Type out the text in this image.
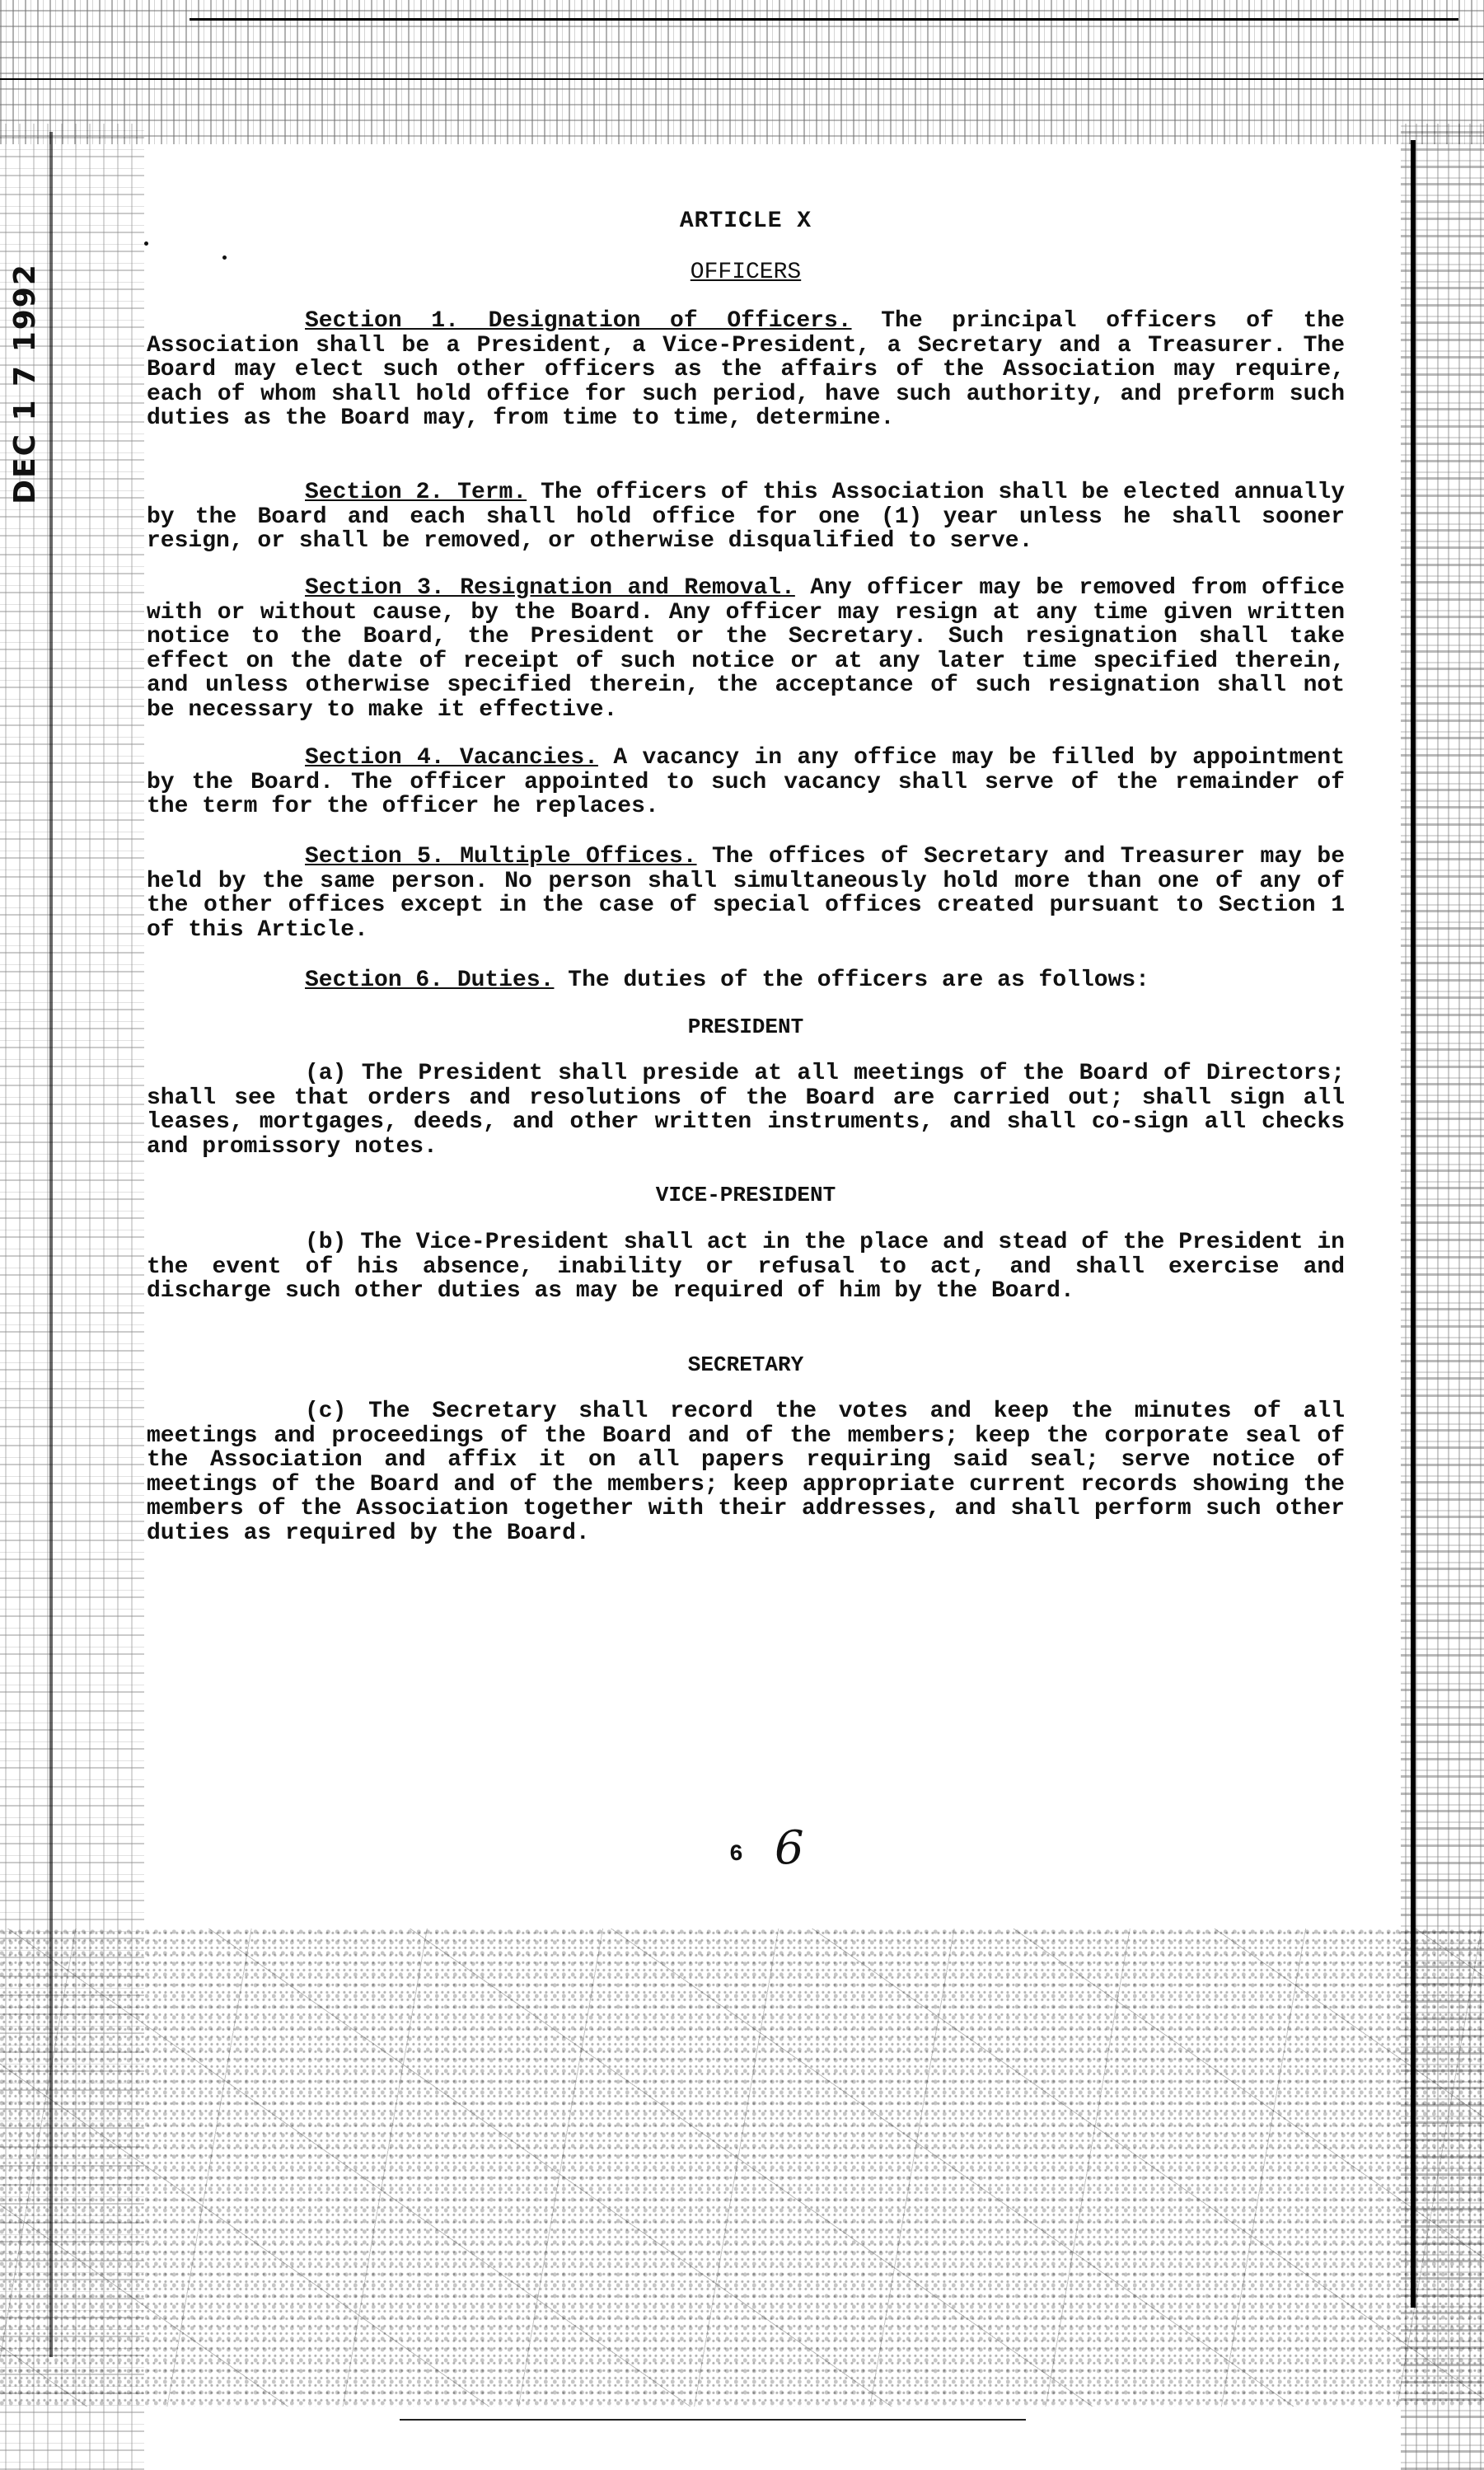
DEC 1 7 1992
ARTICLE X
OFFICERS
Section 1. Designation of Officers. The principal officers of the Association shall be a President, a Vice-President, a Secretary and a Treasurer. The Board may elect such other officers as the affairs of the Association may require, each of whom shall hold office for such period, have such authority, and preform such duties as the Board may, from time to time, determine.
Section 2. Term. The officers of this Association shall be elected annually by the Board and each shall hold office for one (1) year unless he shall sooner resign, or shall be removed, or otherwise disqualified to serve.
Section 3. Resignation and Removal. Any officer may be removed from office with or without cause, by the Board. Any officer may resign at any time given written notice to the Board, the President or the Secretary. Such resignation shall take effect on the date of receipt of such notice or at any later time specified therein, and unless otherwise specified therein, the acceptance of such resignation shall not be necessary to make it effective.
Section 4. Vacancies. A vacancy in any office may be filled by appointment by the Board. The officer appointed to such vacancy shall serve of the remainder of the term for the officer he replaces.
Section 5. Multiple Offices. The offices of Secretary and Treasurer may be held by the same person. No person shall simultaneously hold more than one of any of the other offices except in the case of special offices created pursuant to Section 1 of this Article.
Section 6. Duties. The duties of the officers are as follows:
PRESIDENT
(a) The President shall preside at all meetings of the Board of Directors; shall see that orders and resolutions of the Board are carried out; shall sign all leases, mortgages, deeds, and other written instruments, and shall co-sign all checks and promissory notes.
VICE-PRESIDENT
(b) The Vice-President shall act in the place and stead of the President in the event of his absence, inability or refusal to act, and shall exercise and discharge such other duties as may be required of him by the Board.
SECRETARY
(c) The Secretary shall record the votes and keep the minutes of all meetings and proceedings of the Board and of the members; keep the corporate seal of the Association and affix it on all papers requiring said seal; serve notice of meetings of the Board and of the members; keep appropriate current records showing the members of the Association together with their addresses, and shall perform such other duties as required by the Board.
6 6
